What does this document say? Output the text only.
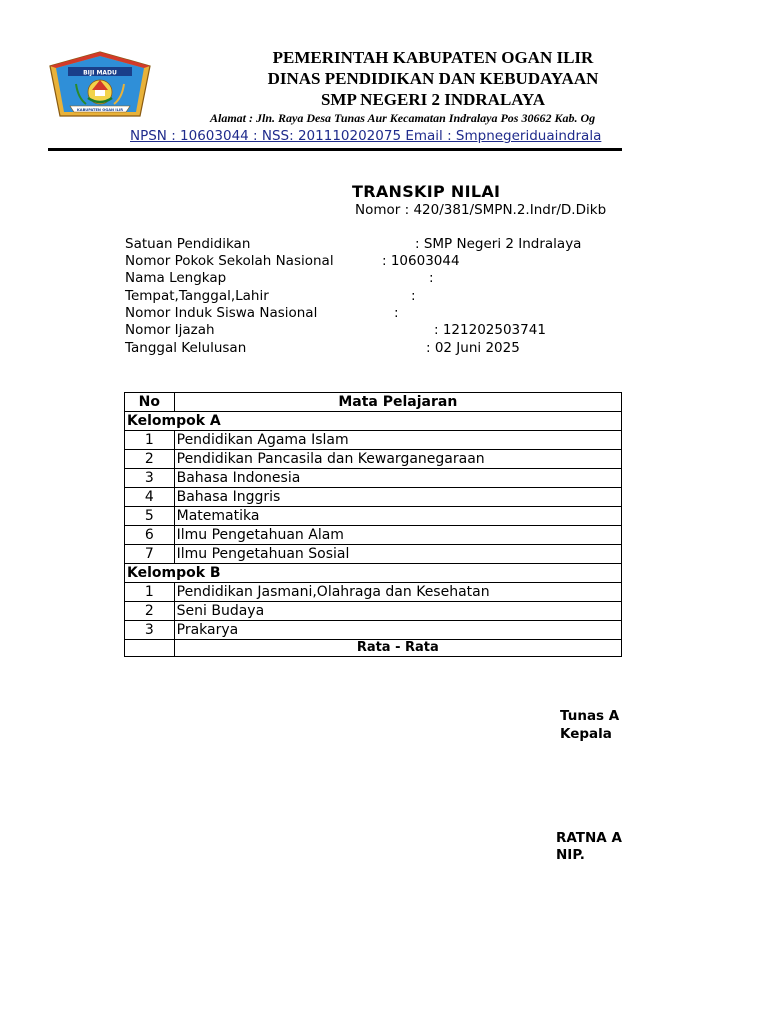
BIJI MADU
KABUPATEN OGAN ILIR
PEMERINTAH KABUPATEN OGAN ILIR
DINAS PENDIDIKAN DAN KEBUDAYAAN
SMP NEGERI 2 INDRALAYA
Alamat : Jln. Raya Desa Tunas Aur Kecamatan Indralaya Pos 30662 Kab. Og
NPSN : 10603044 : NSS: 201110202075 Email : Smpnegeriduaindrala
TRANSKIP NILAI
Nomor : 420/381/SMPN.2.Indr/D.Dikb
Satuan Pendidikan	: SMP Negeri 2 Indralaya
Nomor Pokok Sekolah Nasional	: 10603044
Nama Lengkap	:
Tempat,Tanggal,Lahir	:
Nomor Induk Siswa Nasional	:
Nomor Ijazah	: 121202503741
Tanggal Kelulusan	: 02 Juni 2025
No	Mata Pelajaran
Kelompok A	
1	Pendidikan Agama Islam
2	Pendidikan Pancasila dan Kewarganegaraan
3	Bahasa Indonesia
4	Bahasa Inggris
5	Matematika
6	Ilmu Pengetahuan Alam
7	Ilmu Pengetahuan Sosial
Kelompok B	
1	Pendidikan Jasmani,Olahraga dan Kesehatan
2	Seni Budaya
3	Prakarya
	Rata - Rata
Tunas A
Kepala
RATNA A
NIP.
